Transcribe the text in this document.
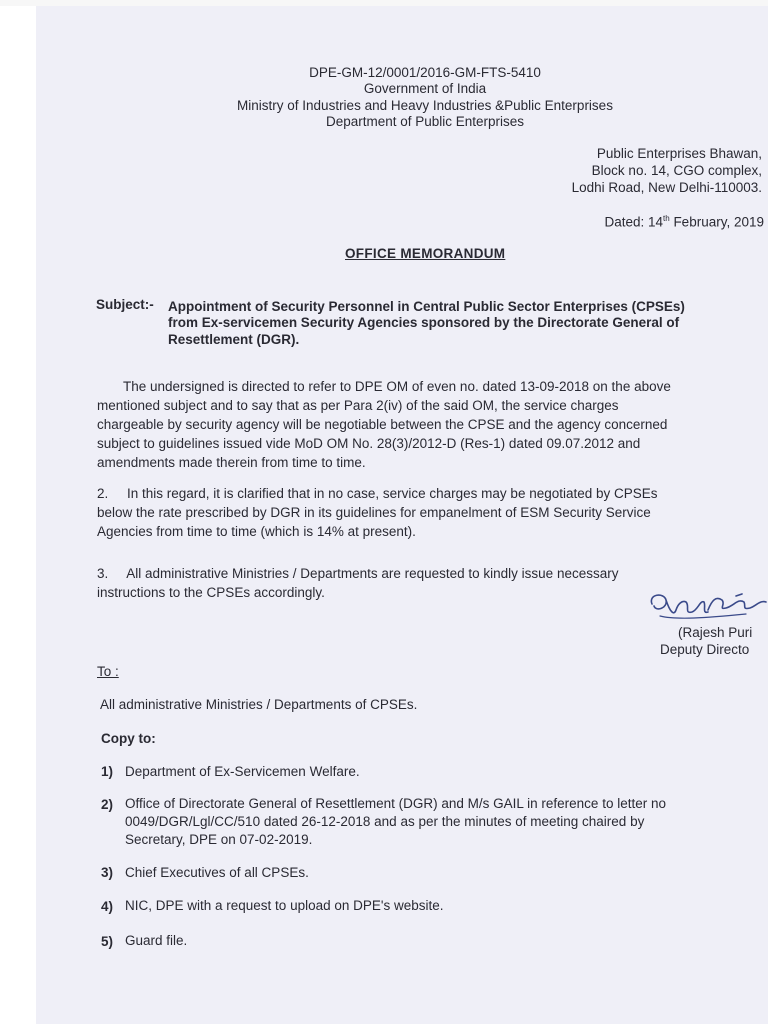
DPE-GM-12/0001/2016-GM-FTS-5410
Government of India
Ministry of Industries and Heavy Industries &Public Enterprises
Department of Public Enterprises
Public Enterprises Bhawan,
Block no. 14, CGO complex,
Lodhi Road, New Delhi-110003.
Dated: 14th February, 2019
OFFICE MEMORANDUM
Subject:- Appointment of Security Personnel in Central Public Sector Enterprises (CPSEs)
from Ex-servicemen Security Agencies sponsored by the Directorate General of
Resettlement (DGR).
The undersigned is directed to refer to DPE OM of even no. dated 13-09-2018 on the above
mentioned subject and to say that as per Para 2(iv) of the said OM, the service charges
chargeable by security agency will be negotiable between the CPSE and the agency concerned
subject to guidelines issued vide MoD OM No. 28(3)/2012-D (Res-1) dated 09.07.2012 and
amendments made therein from time to time.
2.     In this regard, it is clarified that in no case, service charges may be negotiated by CPSEs
below the rate prescribed by DGR in its guidelines for empanelment of ESM Security Service
Agencies from time to time (which is 14% at present).
3.     All administrative Ministries / Departments are requested to kindly issue necessary
instructions to the CPSEs accordingly.
(Rajesh Puri
Deputy Directo
To :
All administrative Ministries / Departments of CPSEs.
Copy to:
1) Department of Ex-Servicemen Welfare.
2) Office of Directorate General of Resettlement (DGR) and M/s GAIL in reference to letter no
0049/DGR/Lgl/CC/510 dated 26-12-2018 and as per the minutes of meeting chaired by
Secretary, DPE on 07-02-2019.
3) Chief Executives of all CPSEs.
4) NIC, DPE with a request to upload on DPE's website.
5) Guard file.
